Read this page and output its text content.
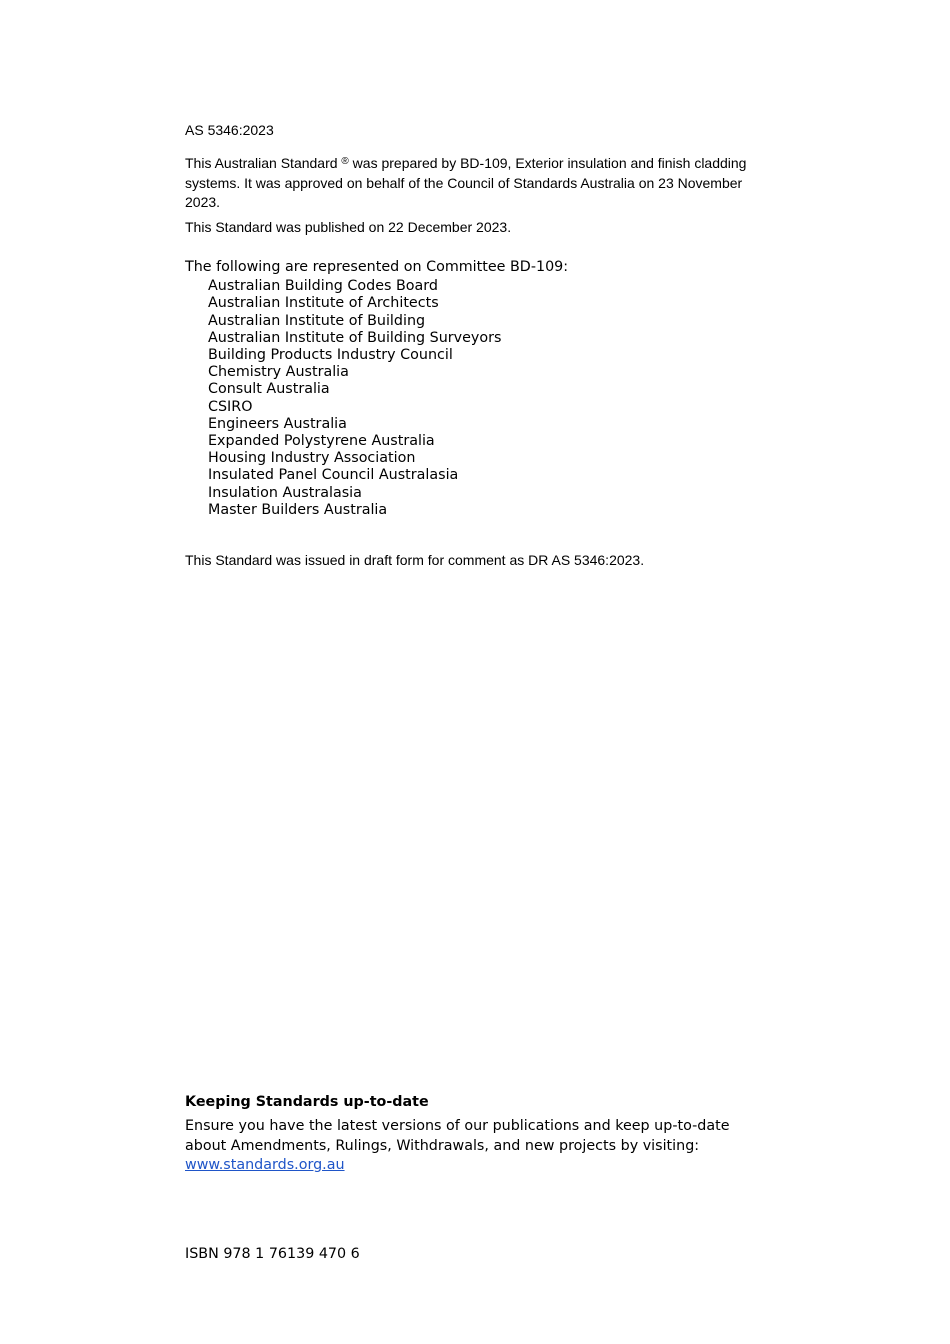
AS 5346:2023
This Australian Standard ® was prepared by BD-109, Exterior insulation and finish cladding systems. It was approved on behalf of the Council of Standards Australia on 23 November 2023.
This Standard was published on 22 December 2023.
The following are represented on Committee BD-109:
Australian Building Codes Board
Australian Institute of Architects
Australian Institute of Building
Australian Institute of Building Surveyors
Building Products Industry Council
Chemistry Australia
Consult Australia
CSIRO
Engineers Australia
Expanded Polystyrene Australia
Housing Industry Association
Insulated Panel Council Australasia
Insulation Australasia
Master Builders Australia
This Standard was issued in draft form for comment as DR AS 5346:2023.
Keeping Standards up-to-date
Ensure you have the latest versions of our publications and keep up-to-date about Amendments, Rulings, Withdrawals, and new projects by visiting:
www.standards.org.au
ISBN 978 1 76139 470 6
